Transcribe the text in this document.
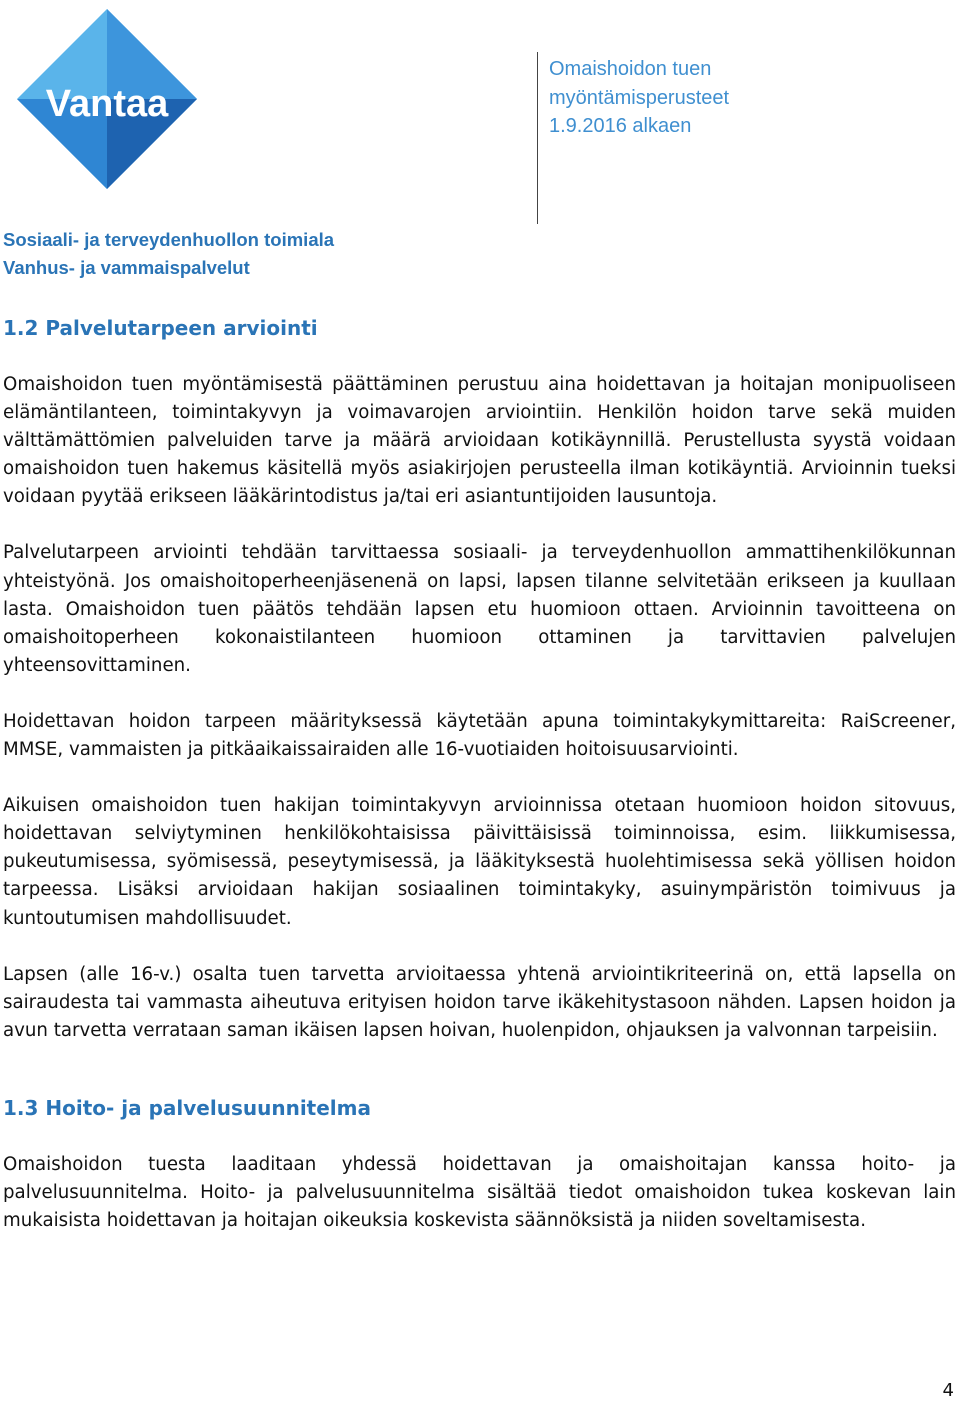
Vantaa
Omaishoidon tuen
myöntämisperusteet
1.9.2016 alkaen
Sosiaali- ja terveydenhuollon toimiala
Vanhus- ja vammaispalvelut
1.2 Palvelutarpeen arviointi

Omaishoidon tuen myöntämisestä päättäminen perustuu aina hoidettavan ja hoitajan monipuoliseen elämäntilanteen, toimintakyvyn ja voimavarojen arviointiin. Henkilön hoidon tarve sekä muiden välttämättömien palveluiden tarve ja määrä arvioidaan kotikäynnillä. Perustellusta syystä voidaan omaishoidon tuen hakemus käsitellä myös asiakirjojen perusteella ilman kotikäyntiä. Arvioinnin tueksi voidaan pyytää erikseen lääkärintodistus ja/tai eri asiantuntijoiden lausuntoja.

Palvelutarpeen arviointi tehdään tarvittaessa sosiaali- ja terveydenhuollon ammattihenkilökunnan yhteistyönä. Jos omaishoitoperheenjäsenenä on lapsi, lapsen tilanne selvitetään erikseen ja kuullaan lasta. Omaishoidon tuen päätös tehdään lapsen etu huomioon ottaen. Arvioinnin tavoitteena on omaishoitoperheen kokonaistilanteen huomioon ottaminen ja tarvittavien palvelujen yhteensovittaminen.

Hoidettavan hoidon tarpeen määrityksessä käytetään apuna toimintakykymittareita: RaiScreener, MMSE, vammaisten ja pitkäaikaissairaiden alle 16-vuotiaiden hoitoisuusarviointi.

Aikuisen omaishoidon tuen hakijan toimintakyvyn arvioinnissa otetaan huomioon hoidon sitovuus, hoidettavan selviytyminen henkilökohtaisissa päivittäisissä toiminnoissa, esim. liikkumisessa, pukeutumisessa, syömisessä, peseytymisessä, ja lääkityksestä huolehtimisessa sekä yöllisen hoidon tarpeessa. Lisäksi arvioidaan hakijan sosiaalinen toimintakyky, asuinympäristön toimivuus ja kuntoutumisen mahdollisuudet.

Lapsen (alle 16-v.) osalta tuen tarvetta arvioitaessa yhtenä arviointikriteerinä on, että lapsella on sairaudesta tai vammasta aiheutuva erityisen hoidon tarve ikäkehitystasoon nähden. Lapsen hoidon ja avun tarvetta verrataan saman ikäisen lapsen hoivan, huolenpidon, ohjauksen ja valvonnan tarpeisiin.

1.3 Hoito- ja palvelusuunnitelma

Omaishoidon tuesta laaditaan yhdessä hoidettavan ja omaishoitajan kanssa hoito- ja palvelusuunnitelma. Hoito- ja palvelusuunnitelma sisältää tiedot omaishoidon tukea koskevan lain mukaisista hoidettavan ja hoitajan oikeuksia koskevista säännöksistä ja niiden soveltamisesta.

4
